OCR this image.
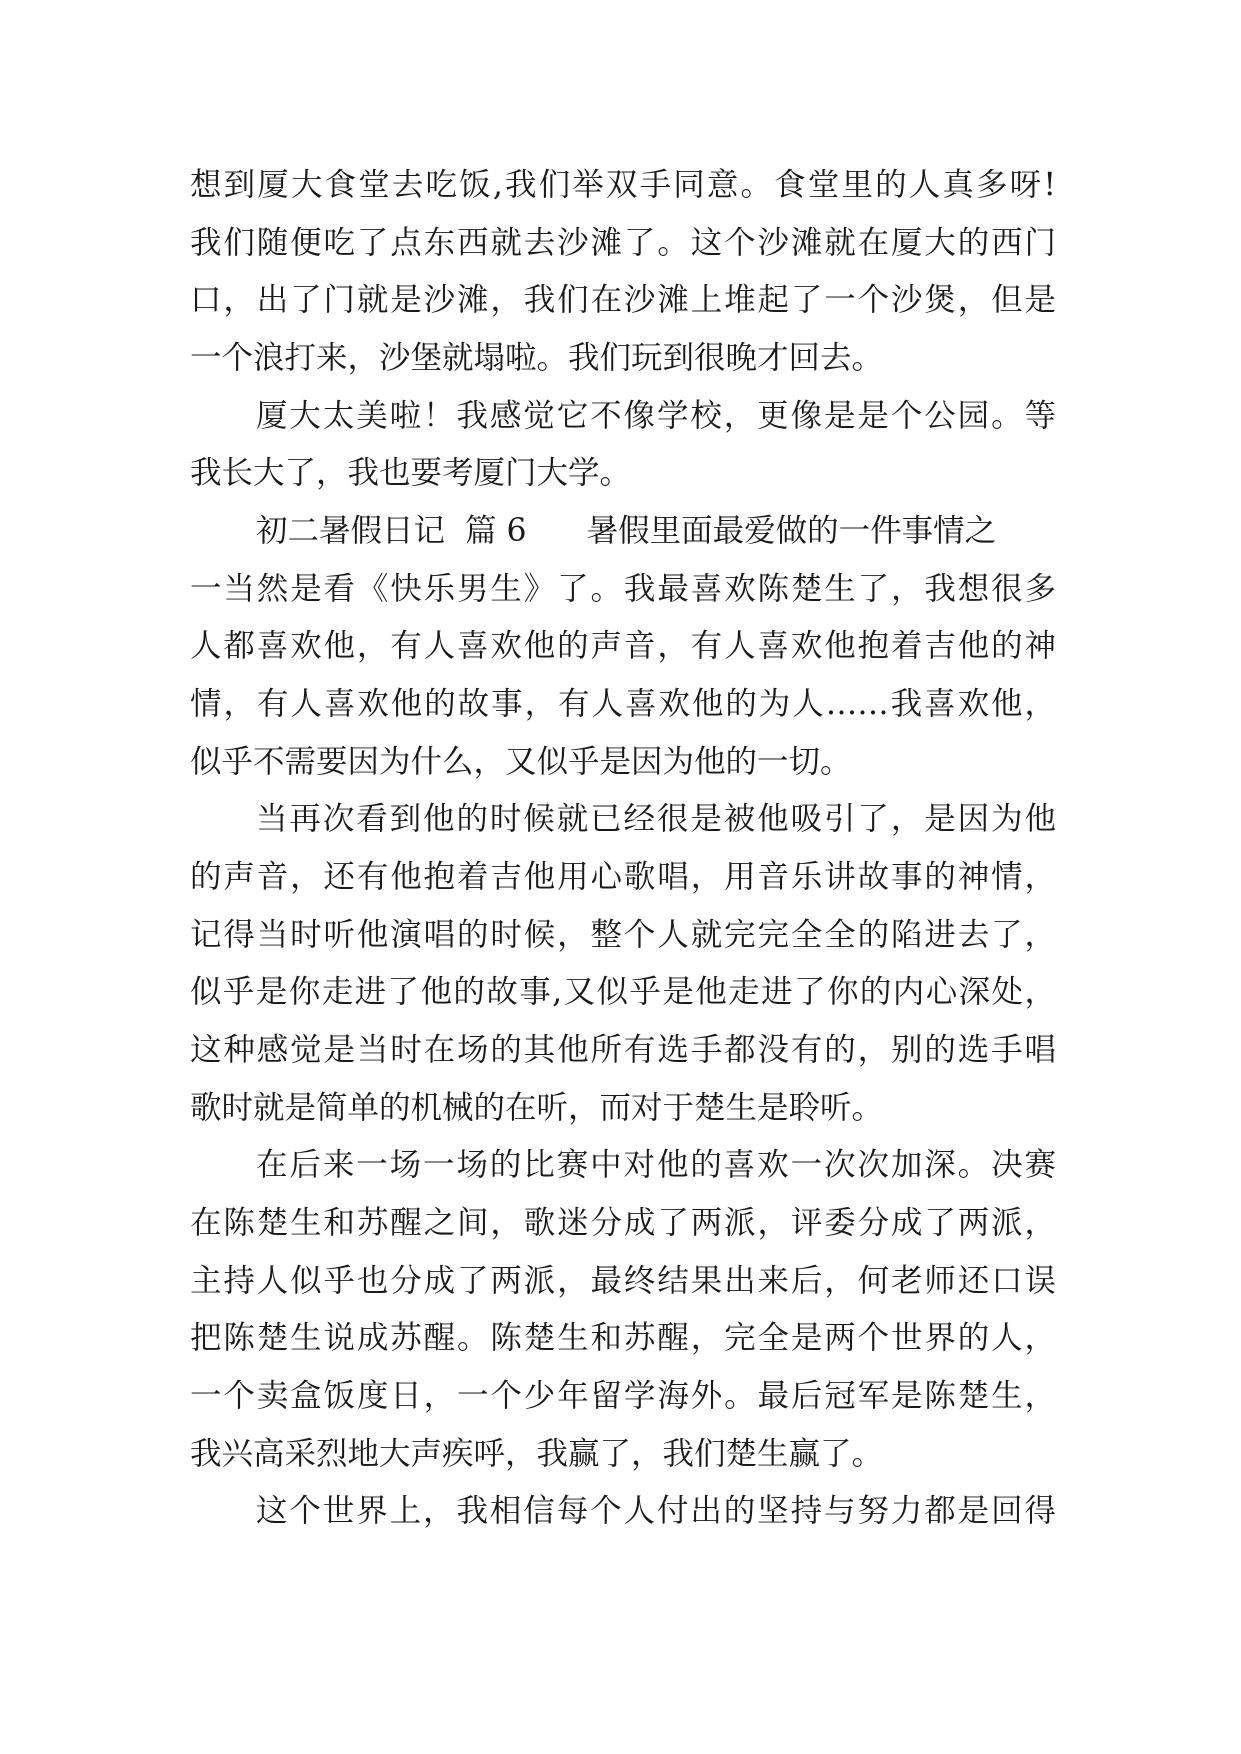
想到厦大食堂去吃饭,我们举双手同意。食堂里的人真多呀!
我们随便吃了点东西就去沙滩了。这个沙滩就在厦大的西门
口，出了门就是沙滩，我们在沙滩上堆起了一个沙煲，但是
一个浪打来，沙堡就塌啦。我们玩到很晚才回去。
厦大太美啦！我感觉它不像学校，更像是是个公园。等
我长大了，我也要考厦门大学。
初二暑假日记  篇 6      暑假里面最爱做的一件事情之
一当然是看《快乐男生》了。我最喜欢陈楚生了，我想很多
人都喜欢他，有人喜欢他的声音，有人喜欢他抱着吉他的神
情，有人喜欢他的故事，有人喜欢他的为人……我喜欢他，
似乎不需要因为什么，又似乎是因为他的一切。
当再次看到他的时候就已经很是被他吸引了，是因为他
的声音，还有他抱着吉他用心歌唱，用音乐讲故事的神情，
记得当时听他演唱的时候，整个人就完完全全的陷进去了，
似乎是你走进了他的故事,又似乎是他走进了你的内心深处，
这种感觉是当时在场的其他所有选手都没有的，别的选手唱
歌时就是简单的机械的在听，而对于楚生是聆听。
在后来一场一场的比赛中对他的喜欢一次次加深。决赛
在陈楚生和苏醒之间，歌迷分成了两派，评委分成了两派，
主持人似乎也分成了两派，最终结果出来后，何老师还口误
把陈楚生说成苏醒。陈楚生和苏醒，完全是两个世界的人，
一个卖盒饭度日，一个少年留学海外。最后冠军是陈楚生，
我兴高采烈地大声疾呼，我赢了，我们楚生赢了。
这个世界上，我相信每个人付出的坚持与努力都是回得
